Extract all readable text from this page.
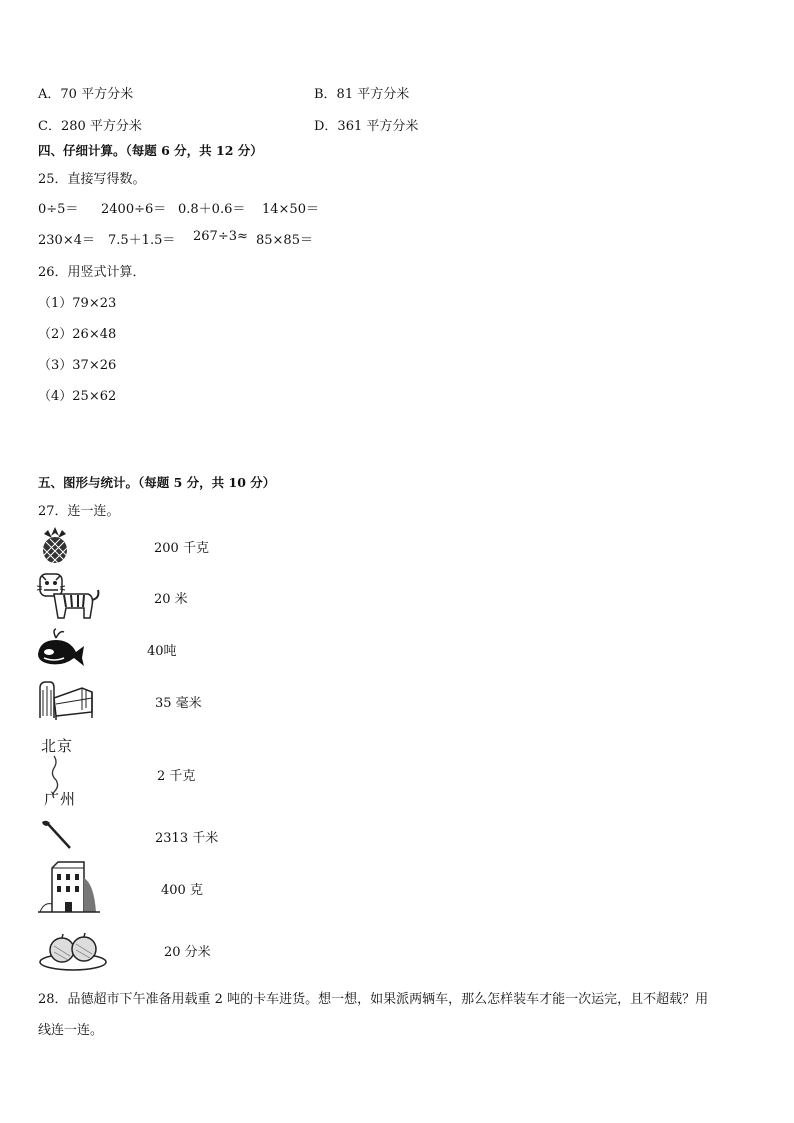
A．70 平方分米	B．81 平方分米
C．280 平方分米	D．361 平方分米
四、仔细计算。（每题 6 分，共 12 分）
25．直接写得数。
0÷5＝ 2400÷6＝ 0.8＋0.6＝ 14×50＝
230×4＝ 7.5＋1.5＝ 267÷3≈ 85×85＝
26．用竖式计算．
（1）79×23
（2）26×48
（3）37×26
（4）25×62
五、图形与统计。（每题 5 分，共 10 分）
27．连一连。
200 千克
20 米
40吨
35 毫米
北京
广州
2 千克
2313 千米
400 克
20 分米
28．品德超市下午准备用载重 2 吨的卡车进货。想一想，如果派两辆车，那么怎样装车才能一次运完，且不超载？用
线连一连。
